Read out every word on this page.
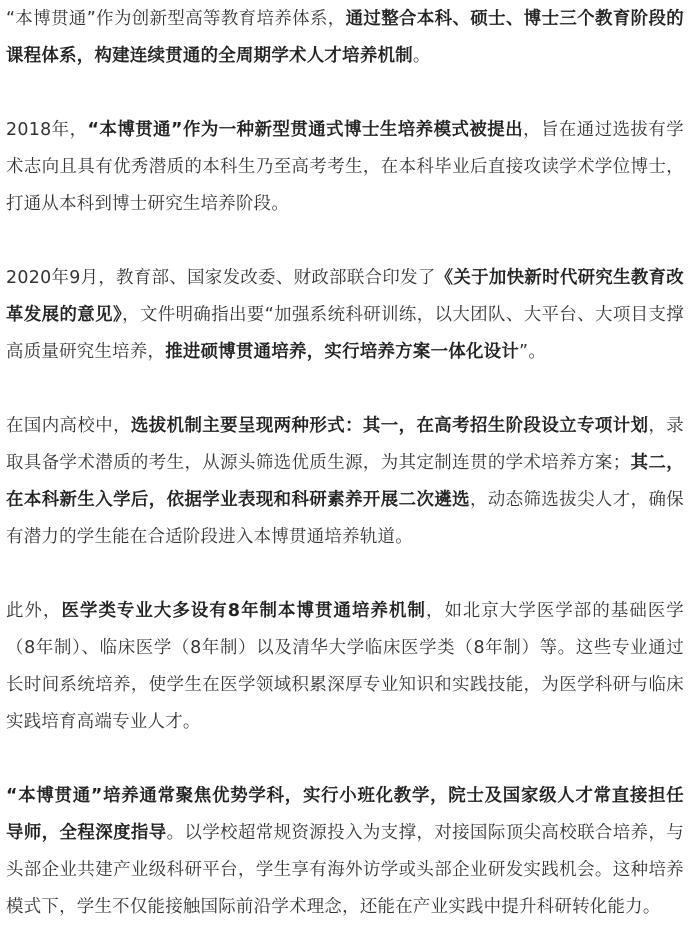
“本博贯通”作为创新型高等教育培养体系，通过整合本科、硕士、博士三个教育阶段的课程体系，构建连续贯通的全周期学术人才培养机制。

2018年，“本博贯通”作为一种新型贯通式博士生培养模式被提出，旨在通过选拔有学术志向且具有优秀潜质的本科生乃至高考考生，在本科毕业后直接攻读学术学位博士，打通从本科到博士研究生培养阶段。

2020年9月，教育部、国家发改委、财政部联合印发了《关于加快新时代研究生教育改革发展的意见》，文件明确指出要“加强系统科研训练，以大团队、大平台、大项目支撑高质量研究生培养，推进硕博贯通培养，实行培养方案一体化设计”。

在国内高校中，选拔机制主要呈现两种形式：其一，在高考招生阶段设立专项计划，录取具备学术潜质的考生，从源头筛选优质生源，为其定制连贯的学术培养方案；其二，在本科新生入学后，依据学业表现和科研素养开展二次遴选，动态筛选拔尖人才，确保有潜力的学生能在合适阶段进入本博贯通培养轨道。

此外，医学类专业大多设有8年制本博贯通培养机制，如北京大学医学部的基础医学（8年制）、临床医学（8年制）以及清华大学临床医学类（8年制）等。这些专业通过长时间系统培养，使学生在医学领域积累深厚专业知识和实践技能，为医学科研与临床实践培育高端专业人才。

“本博贯通”培养通常聚焦优势学科，实行小班化教学，院士及国家级人才常直接担任导师，全程深度指导。以学校超常规资源投入为支撑，对接国际顶尖高校联合培养，与头部企业共建产业级科研平台，学生享有海外访学或头部企业研发实践机会。这种培养模式下，学生不仅能接触国际前沿学术理念，还能在产业实践中提升科研转化能力。
